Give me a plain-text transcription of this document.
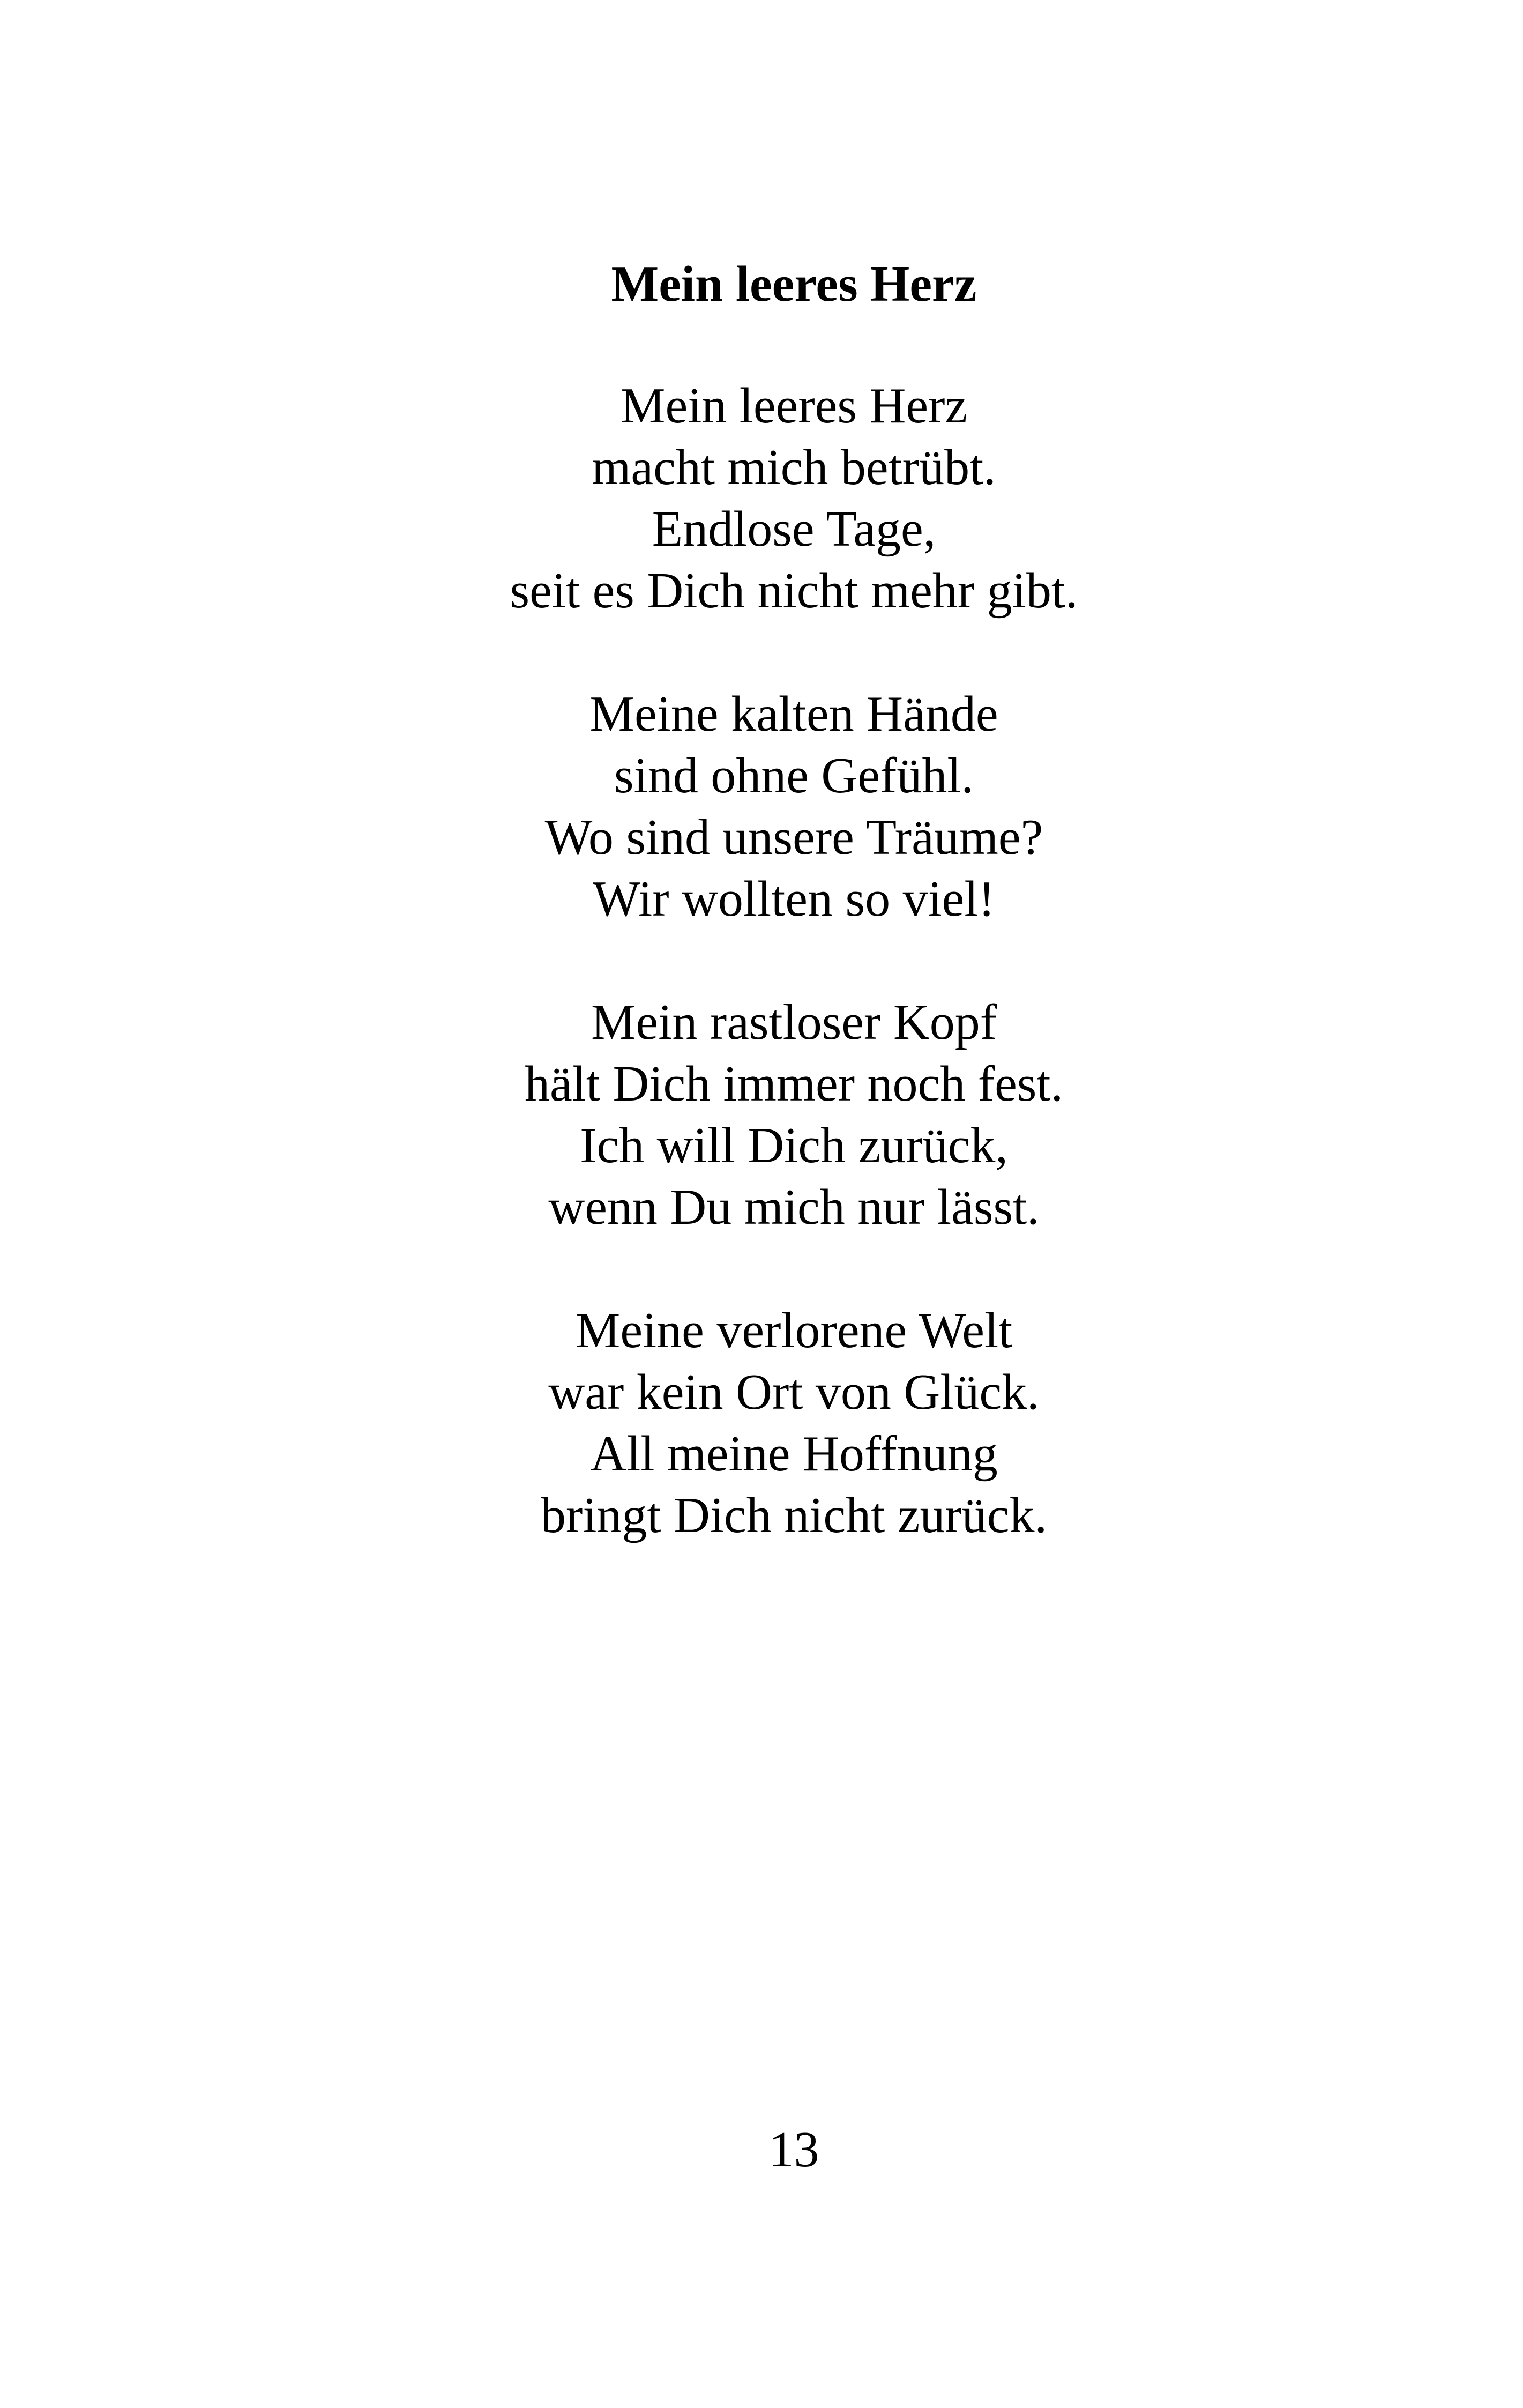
Mein leeres Herz
Mein leeres Herz
macht mich betrübt.
Endlose Tage,
seit es Dich nicht mehr gibt.
Meine kalten Hände
sind ohne Gefühl.
Wo sind unsere Träume?
Wir wollten so viel!
Mein rastloser Kopf
hält Dich immer noch fest.
Ich will Dich zurück,
wenn Du mich nur lässt.
Meine verlorene Welt
war kein Ort von Glück.
All meine Hoffnung
bringt Dich nicht zurück.
13
